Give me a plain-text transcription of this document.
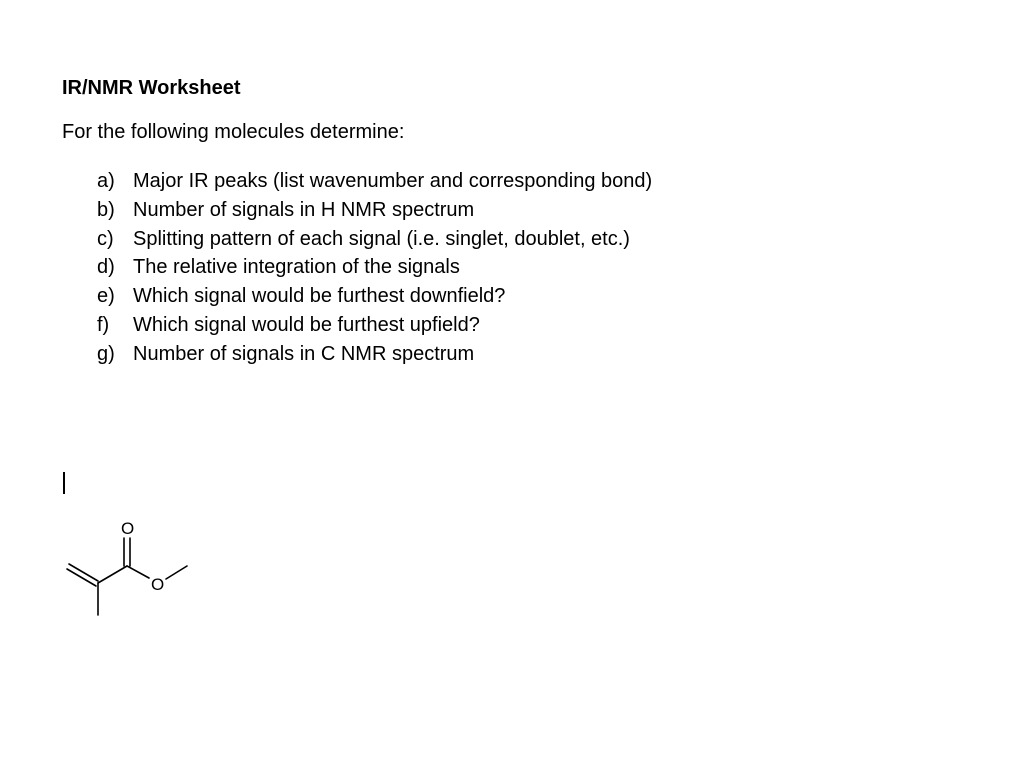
IR/NMR Worksheet

For the following molecules determine:

a) Major IR peaks (list wavenumber and corresponding bond)
b) Number of signals in H NMR spectrum
c) Splitting pattern of each signal (i.e. singlet, doublet, etc.)
d) The relative integration of the signals
e) Which signal would be furthest downfield?
f)	Which signal would be furthest upfield?
g) Number of signals in C NMR spectrum
O
O
